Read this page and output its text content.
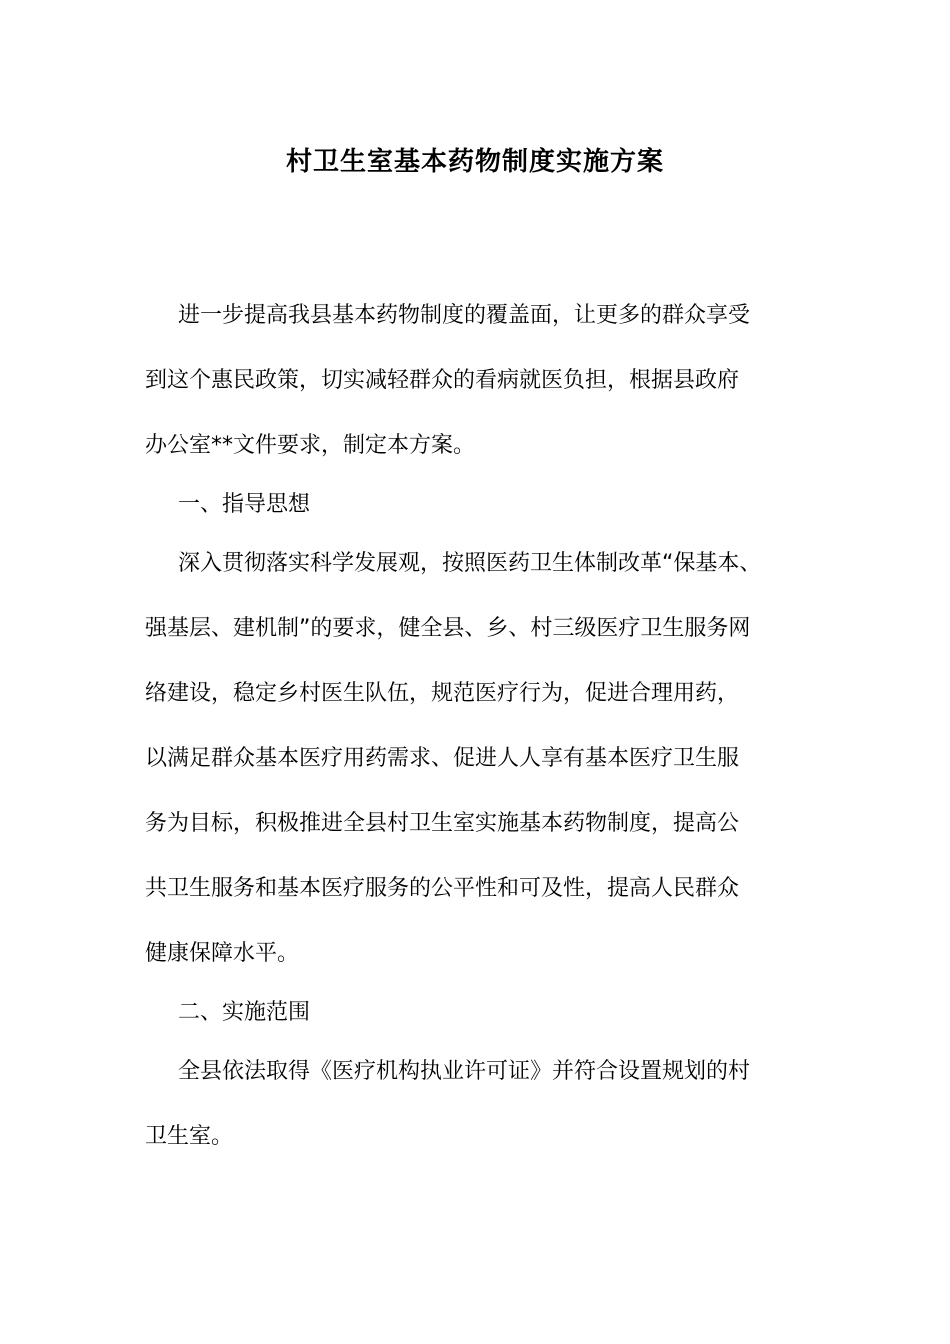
村卫生室基本药物制度实施方案
进一步提高我县基本药物制度的覆盖面，让更多的群众享受
到这个惠民政策，切实减轻群众的看病就医负担，根据县政府
办公室**文件要求，制定本方案。
一、指导思想
深入贯彻落实科学发展观，按照医药卫生体制改革“保基本、
强基层、建机制”的要求，健全县、乡、村三级医疗卫生服务网
络建设，稳定乡村医生队伍，规范医疗行为，促进合理用药，
以满足群众基本医疗用药需求、促进人人享有基本医疗卫生服
务为目标，积极推进全县村卫生室实施基本药物制度，提高公
共卫生服务和基本医疗服务的公平性和可及性，提高人民群众
健康保障水平。
二、实施范围
全县依法取得《医疗机构执业许可证》并符合设置规划的村
卫生室。
